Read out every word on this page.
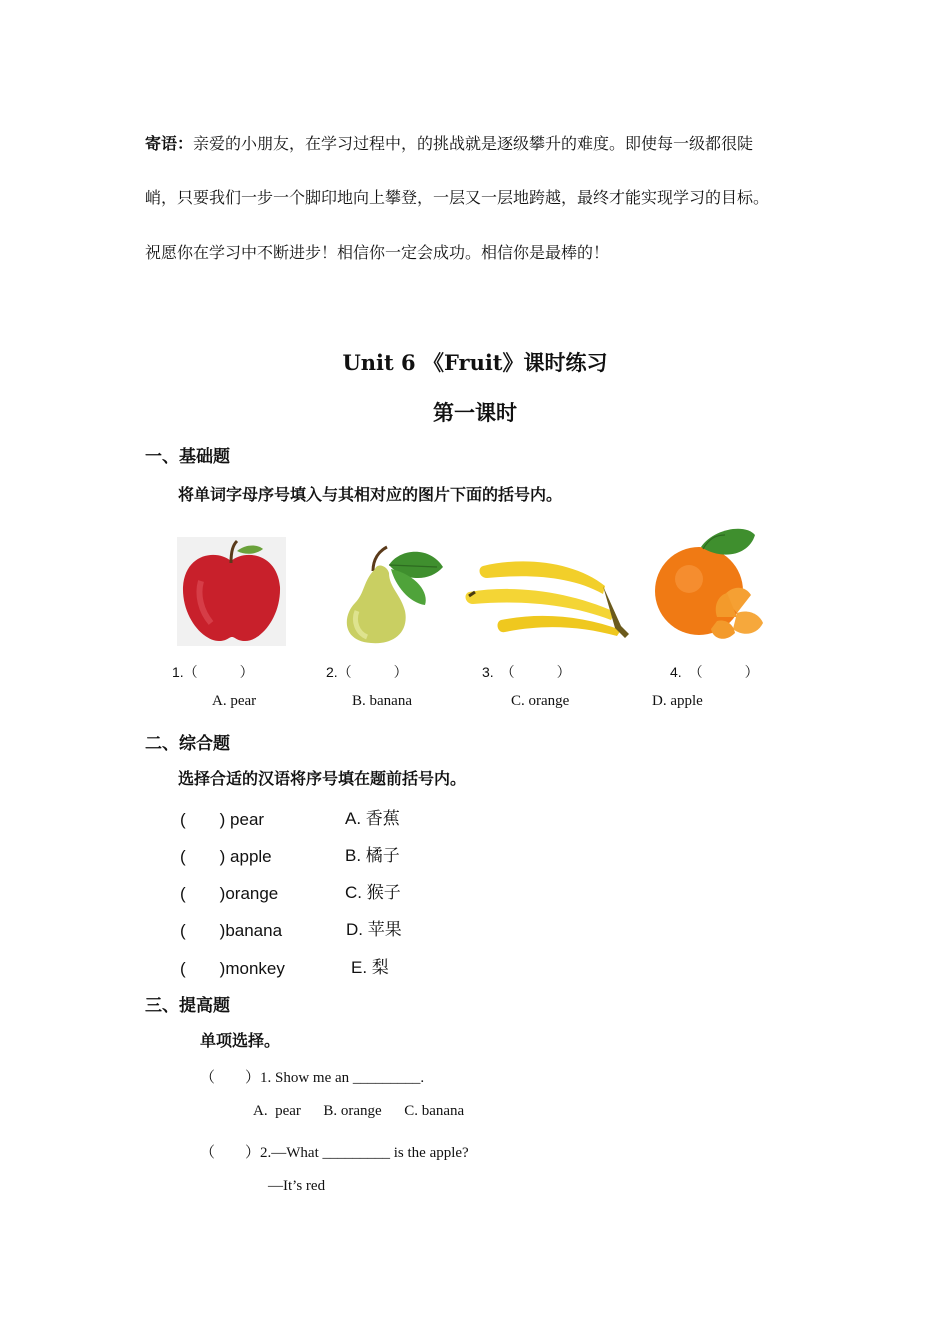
寄语：亲爱的小朋友，在学习过程中，的挑战就是逐级攀升的难度。即使每一级都很陡
峭，只要我们一步一个脚印地向上攀登，一层又一层地跨越，最终才能实现学习的目标。
祝愿你在学习中不断进步！相信你一定会成功。相信你是最棒的！
Unit 6 《Fruit》课时练习
第一课时
一、基础题
将单词字母序号填入与其相对应的图片下面的括号内。
1.（　　　）	2.（　　　）	3.　（　　　）	4.　（　　　）
A. pear	B. banana	C. orange	D. apple
二、综合题
选择合适的汉语将序号填在题前括号内。
(　　) pear	A. 香蕉
(　　) apple	B. 橘子
(　　)orange	C. 猴子
(　　)banana	D. 苹果
(　　)monkey	E. 梨
三、提高题
单项选择。
（　　）1. Show me an _________.
A.  pear      B. orange      C. banana
（　　）2.—What _________ is the apple?
—It’s red
